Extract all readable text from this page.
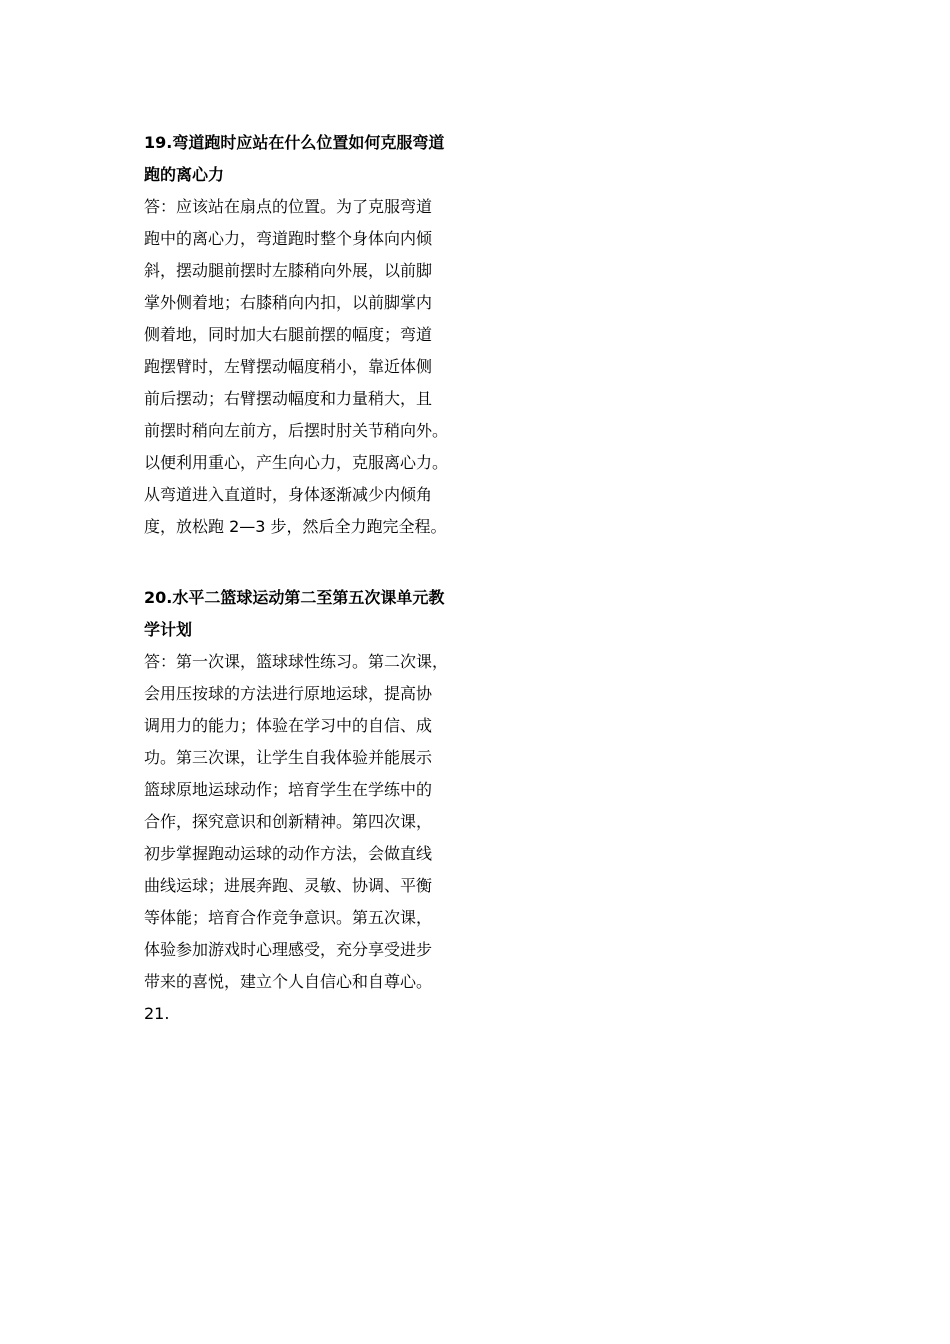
19.弯道跑时应站在什么位置如何克服弯道
跑的离心力
答：应该站在扇点的位置。为了克服弯道
跑中的离心力，弯道跑时整个身体向内倾
斜，摆动腿前摆时左膝稍向外展，以前脚
掌外侧着地；右膝稍向内扣，以前脚掌内
侧着地，同时加大右腿前摆的幅度；弯道
跑摆臂时，左臂摆动幅度稍小，靠近体侧
前后摆动；右臂摆动幅度和力量稍大，且
前摆时稍向左前方，后摆时肘关节稍向外。
以便利用重心，产生向心力，克服离心力。
从弯道进入直道时，身体逐渐减少内倾角
度，放松跑 2—3 步，然后全力跑完全程。
20.水平二篮球运动第二至第五次课单元教
学计划
答：第一次课，篮球球性练习。第二次课，
会用压按球的方法进行原地运球，提高协
调用力的能力；体验在学习中的自信、成
功。第三次课，让学生自我体验并能展示
篮球原地运球动作；培育学生在学练中的
合作，探究意识和创新精神。第四次课，
初步掌握跑动运球的动作方法，会做直线
曲线运球；进展奔跑、灵敏、协调、平衡
等体能；培育合作竞争意识。第五次课，
体验参加游戏时心理感受，充分享受进步
带来的喜悦，建立个人自信心和自尊心。
21.
